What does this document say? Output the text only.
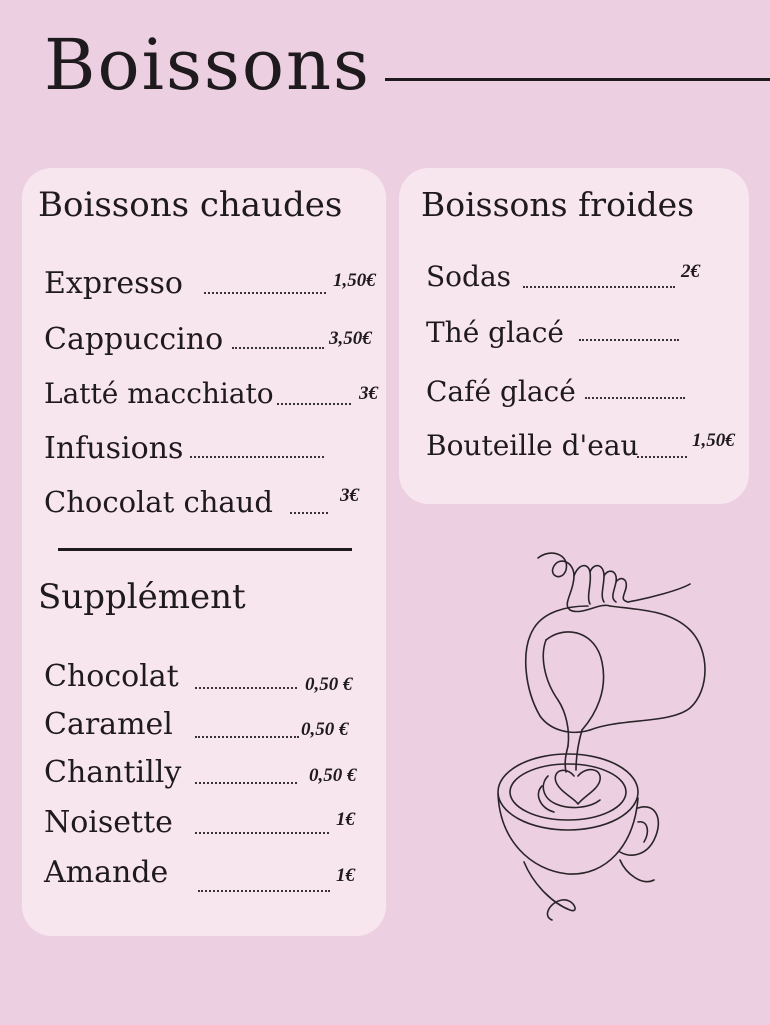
Boissons
Boissons chaudes
Expresso	1,50€
Cappuccino	3,50€
Latté macchiato	3€
Infusions
Chocolat chaud	3€
Supplément
Chocolat	0,50 €
Caramel	0,50 €
Chantilly	0,50 €
Noisette	1€
Amande	1€
Boissons froides
Sodas	2€
Thé glacé
Café glacé
Bouteille d'eau	1,50€
